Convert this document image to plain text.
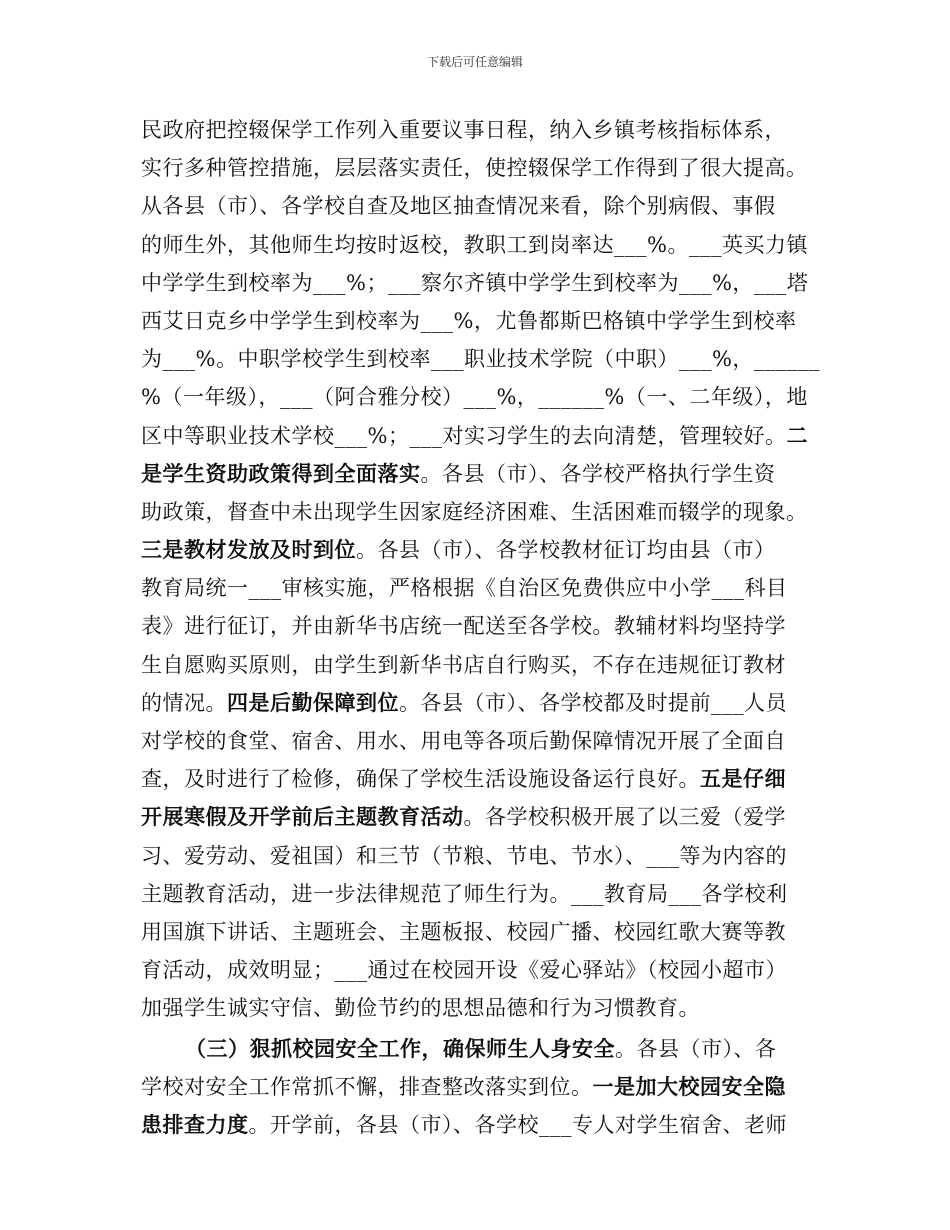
下载后可任意编辑
民政府把控辍保学工作列入重要议事日程，纳入乡镇考核指标体系，
实行多种管控措施，层层落实责任，使控辍保学工作得到了很大提高。
从各县（市）、各学校自查及地区抽查情况来看，除个别病假、事假
的师生外，其他师生均按时返校，教职工到岗率达___%。___英买力镇
中学学生到校率为___%；___察尔齐镇中学学生到校率为___%，___塔
西艾日克乡中学学生到校率为___%，尤鲁都斯巴格镇中学学生到校率
为___%。中职学校学生到校率___职业技术学院（中职）___%，______
%（一年级），___（阿合雅分校）___%，______%（一、二年级），地
区中等职业技术学校___%；___对实习学生的去向清楚，管理较好。二
是学生资助政策得到全面落实。各县（市）、各学校严格执行学生资
助政策，督查中未出现学生因家庭经济困难、生活困难而辍学的现象。
三是教材发放及时到位。各县（市）、各学校教材征订均由县（市）
教育局统一___审核实施，严格根据《自治区免费供应中小学___科目
表》进行征订，并由新华书店统一配送至各学校。教辅材料均坚持学
生自愿购买原则，由学生到新华书店自行购买，不存在违规征订教材
的情况。四是后勤保障到位。各县（市）、各学校都及时提前___人员
对学校的食堂、宿舍、用水、用电等各项后勤保障情况开展了全面自
查，及时进行了检修，确保了学校生活设施设备运行良好。五是仔细
开展寒假及开学前后主题教育活动。各学校积极开展了以三爱（爱学
习、爱劳动、爱祖国）和三节（节粮、节电、节水）、___等为内容的
主题教育活动，进一步法律规范了师生行为。___教育局___各学校利
用国旗下讲话、主题班会、主题板报、校园广播、校园红歌大赛等教
育活动，成效明显；___通过在校园开设《爱心驿站》（校园小超市）
加强学生诚实守信、勤俭节约的思想品德和行为习惯教育。
（三）狠抓校园安全工作，确保师生人身安全。各县（市）、各
学校对安全工作常抓不懈，排查整改落实到位。一是加大校园安全隐
患排查力度。开学前，各县（市）、各学校___专人对学生宿舍、老师
